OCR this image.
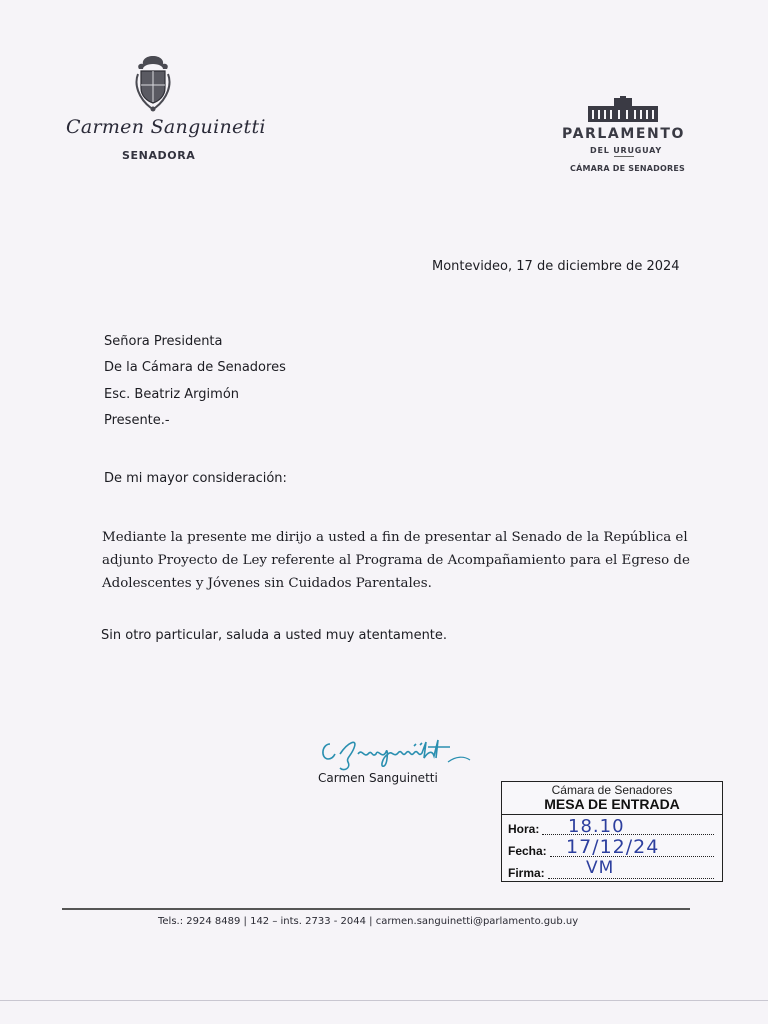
Carmen Sanguinetti
SENADORA
PARLAMENTO
DEL URUGUAY
CÁMARA DE SENADORES
Montevideo, 17 de diciembre de 2024
Señora Presidenta
De la Cámara de Senadores
Esc. Beatriz Argimón
Presente.-
De mi mayor consideración:
Mediante la presente me dirijo a usted a fin de presentar al Senado de la República el adjunto Proyecto de Ley referente al Programa de Acompañamiento para el Egreso de Adolescentes y Jóvenes sin Cuidados Parentales.
Sin otro particular, saluda a usted muy atentamente.
Carmen Sanguinetti
Cámara de Senadores
MESA DE ENTRADA
Hora: 18.10
Fecha: 17/12/24
Firma: VM
Tels.: 2924 8489 | 142 – ints. 2733 - 2044 | carmen.sanguinetti@parlamento.gub.uy
